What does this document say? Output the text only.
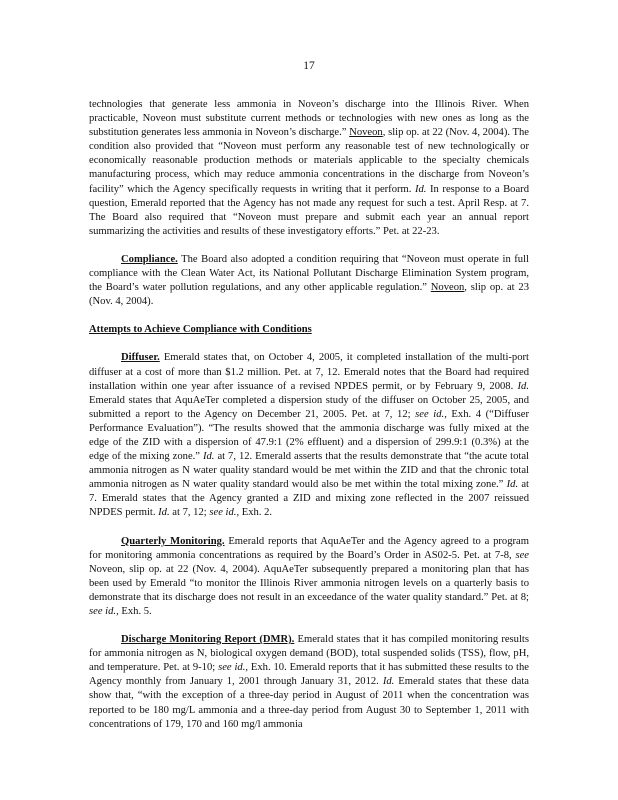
17

technologies that generate less ammonia in Noveon’s discharge into the Illinois River. When practicable, Noveon must substitute current methods or technologies with new ones as long as the substitution generates less ammonia in Noveon’s discharge.” Noveon, slip op. at 22 (Nov. 4, 2004). The condition also provided that “Noveon must perform any reasonable test of new technologically or economically reasonable production methods or materials applicable to the specialty chemicals manufacturing process, which may reduce ammonia concentrations in the discharge from Noveon’s facility” which the Agency specifically requests in writing that it perform. Id. In response to a Board question, Emerald reported that the Agency has not made any request for such a test. April Resp. at 7. The Board also required that “Noveon must prepare and submit each year an annual report summarizing the activities and results of these investigatory efforts.” Pet. at 22-23.

Compliance. The Board also adopted a condition requiring that “Noveon must operate in full compliance with the Clean Water Act, its National Pollutant Discharge Elimination System program, the Board’s water pollution regulations, and any other applicable regulation.” Noveon, slip op. at 23 (Nov. 4, 2004).

Attempts to Achieve Compliance with Conditions

Diffuser. Emerald states that, on October 4, 2005, it completed installation of the multi-port diffuser at a cost of more than $1.2 million. Pet. at 7, 12. Emerald notes that the Board had required installation within one year after issuance of a revised NPDES permit, or by February 9, 2008. Id. Emerald states that AquAeTer completed a dispersion study of the diffuser on October 25, 2005, and submitted a report to the Agency on December 21, 2005. Pet. at 7, 12; see id., Exh. 4 (“Diffuser Performance Evaluation”). “The results showed that the ammonia discharge was fully mixed at the edge of the ZID with a dispersion of 47.9:1 (2% effluent) and a dispersion of 299.9:1 (0.3%) at the edge of the mixing zone.” Id. at 7, 12. Emerald asserts that the results demonstrate that “the acute total ammonia nitrogen as N water quality standard would be met within the ZID and that the chronic total ammonia nitrogen as N water quality standard would also be met within the total mixing zone.” Id. at 7. Emerald states that the Agency granted a ZID and mixing zone reflected in the 2007 reissued NPDES permit. Id. at 7, 12; see id., Exh. 2.

Quarterly Monitoring. Emerald reports that AquAeTer and the Agency agreed to a program for monitoring ammonia concentrations as required by the Board’s Order in AS02-5. Pet. at 7-8, see Noveon, slip op. at 22 (Nov. 4, 2004). AquAeTer subsequently prepared a monitoring plan that has been used by Emerald “to monitor the Illinois River ammonia nitrogen levels on a quarterly basis to demonstrate that its discharge does not result in an exceedance of the water quality standard.” Pet. at 8; see id., Exh. 5.

Discharge Monitoring Report (DMR). Emerald states that it has compiled monitoring results for ammonia nitrogen as N, biological oxygen demand (BOD), total suspended solids (TSS), flow, pH, and temperature. Pet. at 9-10; see id., Exh. 10. Emerald reports that it has submitted these results to the Agency monthly from January 1, 2001 through January 31, 2012. Id. Emerald states that these data show that, “with the exception of a three-day period in August of 2011 when the concentration was reported to be 180 mg/L ammonia and a three-day period from August 30 to September 1, 2011 with concentrations of 179, 170 and 160 mg/l ammonia
